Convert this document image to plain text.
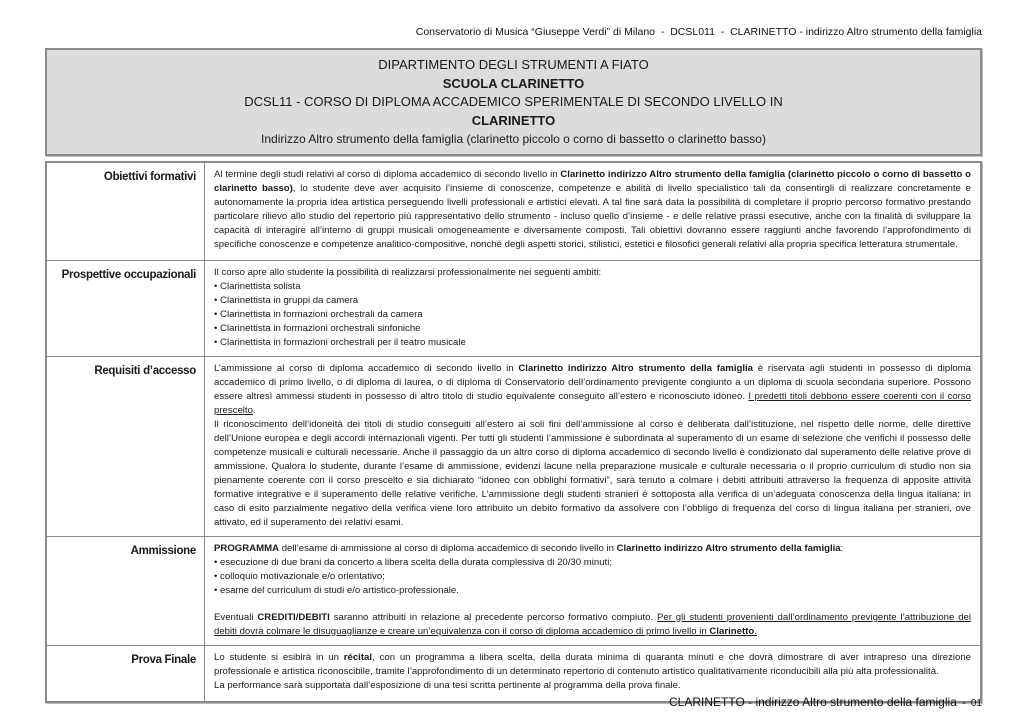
Conservatorio di Musica “Giuseppe Verdi” di Milano  -  DCSL011  -  CLARINETTO - indirizzo Altro strumento della famiglia
DIPARTIMENTO DEGLI STRUMENTI A FIATO
SCUOLA CLARINETTO
DCSL11 - CORSO DI DIPLOMA ACCADEMICO SPERIMENTALE DI SECONDO LIVELLO IN
CLARINETTO
Indirizzo Altro strumento della famiglia (clarinetto piccolo o corno di bassetto o clarinetto basso)
Obiettivi formativi	Al termine degli studi relativi al corso di diploma accademico di secondo livello in Clarinetto indirizzo Altro strumento della famiglia (clarinetto piccolo o corno di bassetto o clarinetto basso), lo studente deve aver acquisito l’insieme di conoscenze, competenze e abilità di livello specialistico tali da consentirgli di realizzare concretamente e autonomamente la propria idea artistica perseguendo livelli professionali e artistici elevati. A tal fine sarà data la possibilità di completare il proprio percorso formativo prestando particolare rilievo allo studio del repertorio più rappresentativo dello strumento - incluso quello d’insieme - e delle relative prassi esecutive, anche con la finalità di sviluppare la capacità di interagire all’interno di gruppi musicali omogeneamente e diversamente composti. Tali obiettivi dovranno essere raggiunti anche favorendo l’approfondimento di specifiche conoscenze e competenze analitico-compositive, nonché degli aspetti storici, stilistici, estetici e filosofici generali relativi alla propria specifica letteratura strumentale.

Prospettive occupazionali	Il corso apre allo studente la possibilità di realizzarsi professionalmente nei seguenti ambiti:

• Clarinettista solista

• Clarinettista in gruppi da camera

• Clarinettista in formazioni orchestrali da camera

• Clarinettista in formazioni orchestrali sinfoniche

• Clarinettista in formazioni orchestrali per il teatro musicale

Requisiti d’accesso	L’ammissione al corso di diploma accademico di secondo livello in Clarinetto indirizzo Altro strumento della famiglia è riservata agli studenti in possesso di diploma accademico di primo livello, o di diploma di laurea, o di diploma di Conservatorio dell’ordinamento previgente congiunto a un diploma di scuola secondaria superiore. Possono essere altresì ammessi studenti in possesso di altro titolo di studio equivalente conseguito all’estero e riconosciuto idoneo. I predetti titoli debbono essere coerenti con il corso prescelto.

Il riconoscimento dell’idoneità dei titoli di studio conseguiti all’estero ai soli fini dell’ammissione al corso è deliberata dall’istituzione, nel rispetto delle norme, delle direttive dell’Unione europea e degli accordi internazionali vigenti. Per tutti gli studenti l’ammissione è subordinata al superamento di un esame di selezione che verifichi il possesso delle competenze musicali e culturali necessarie. Anche il passaggio da un altro corso di diploma accademico di secondo livello è condizionato dal superamento delle relative prove di ammissione. Qualora lo studente, durante l’esame di ammissione, evidenzi lacune nella preparazione musicale e culturale necessaria o il proprio curriculum di studio non sia pienamente coerente con il corso prescelto e sia dichiarato “idoneo con obblighi formativi”, sarà tenuto a colmare i debiti attribuiti attraverso la frequenza di apposite attività formative integrative e il superamento delle relative verifiche. L’ammissione degli studenti stranieri é sottoposta alla verifica di un’adeguata conoscenza della lingua italiana: in caso di esito parzialmente negativo della verifica viene loro attribuito un debito formativo da assolvere con l’obbligo di frequenza del corso di lingua italiana per stranieri, ove attivato, ed il superamento dei relativi esami.

Ammissione	PROGRAMMA dell’esame di ammissione al corso di diploma accademico di secondo livello in Clarinetto indirizzo Altro strumento della famiglia:

• esecuzione di due brani da concerto a libera scelta della durata complessiva di 20/30 minuti;

• colloquio motivazionale e/o orientativo;

• esame del curriculum di studi e/o artistico-professionale.

Eventuali CREDITI/DEBITI saranno attribuiti in relazione al precedente percorso formativo compiuto. Per gli studenti provenienti dall’ordinamento previgente l’attribuzione dei debiti dovrà colmare le disuguaglianze e creare un’equivalenza con il corso di diploma accademico di primo livello in Clarinetto.

Prova Finale	Lo studente si esibirà in un récital, con un programma a libera scelta, della durata minima di quaranta minuti e che dovrà dimostrare di aver intrapreso una direzione professionale e artistica riconoscibile, tramite l’approfondimento di un determinato repertorio di contenuto artistico qualitativamente riconducibili alla più alta professionalità.

La performance sarà supportata dall’esposizione di una tesi scritta pertinente al programma della prova finale.

CLARINETTO - indirizzo Altro strumento della famiglia - 01
